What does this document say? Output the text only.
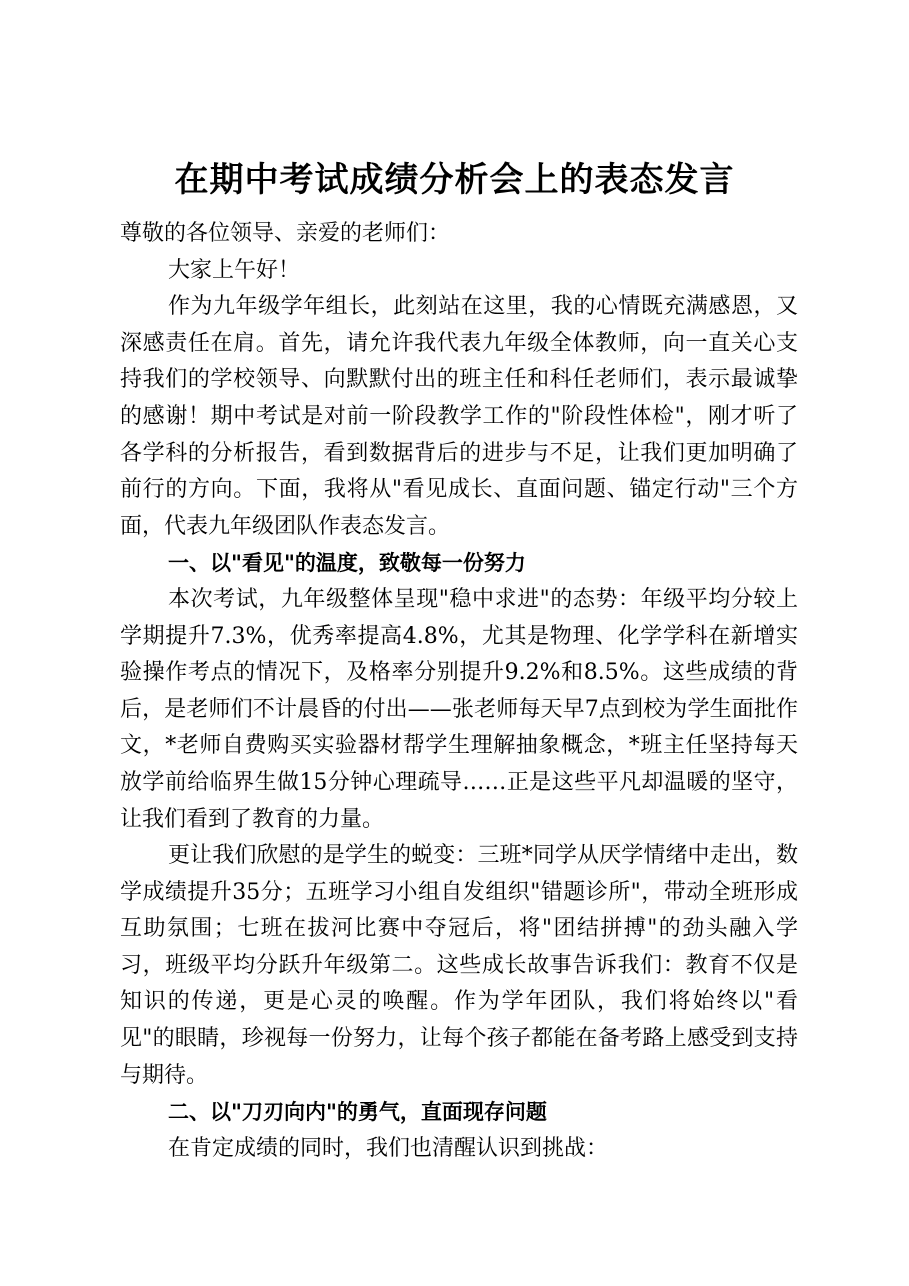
在期中考试成绩分析会上的表态发言

尊敬的各位领导、亲爱的老师们：

大家上午好！

作为九年级学年组长，此刻站在这里，我的心情既充满感恩，又深感责任在肩。首先，请允许我代表九年级全体教师，向一直关心支持我们的学校领导、向默默付出的班主任和科任老师们，表示最诚挚的感谢！期中考试是对前一阶段教学工作的"阶段性体检"，刚才听了各学科的分析报告，看到数据背后的进步与不足，让我们更加明确了前行的方向。下面，我将从"看见成长、直面问题、锚定行动"三个方面，代表九年级团队作表态发言。

一、以"看见"的温度，致敬每一份努力

本次考试，九年级整体呈现"稳中求进"的态势：年级平均分较上学期提升7.3%，优秀率提高4.8%，尤其是物理、化学学科在新增实验操作考点的情况下，及格率分别提升9.2%和8.5%。这些成绩的背后，是老师们不计晨昏的付出——张老师每天早7点到校为学生面批作文，*老师自费购买实验器材帮学生理解抽象概念，*班主任坚持每天放学前给临界生做15分钟心理疏导……正是这些平凡却温暖的坚守，让我们看到了教育的力量。

更让我们欣慰的是学生的蜕变：三班*同学从厌学情绪中走出，数学成绩提升35分；五班学习小组自发组织"错题诊所"，带动全班形成互助氛围；七班在拔河比赛中夺冠后，将"团结拼搏"的劲头融入学习，班级平均分跃升年级第二。这些成长故事告诉我们：教育不仅是知识的传递，更是心灵的唤醒。作为学年团队，我们将始终以"看见"的眼睛，珍视每一份努力，让每个孩子都能在备考路上感受到支持与期待。

二、以"刀刃向内"的勇气，直面现存问题

在肯定成绩的同时，我们也清醒认识到挑战：
